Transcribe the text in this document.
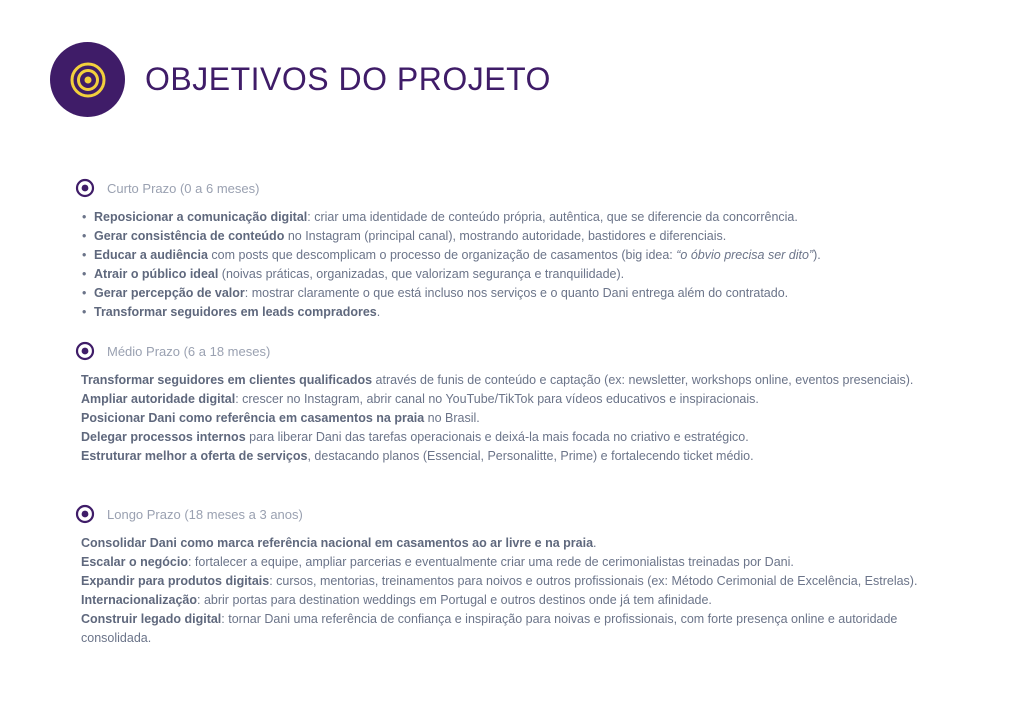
OBJETIVOS DO PROJETO
Curto Prazo (0 a 6 meses)
• Reposicionar a comunicação digital: criar uma identidade de conteúdo própria, autêntica, que se diferencie da concorrência.
• Gerar consistência de conteúdo no Instagram (principal canal), mostrando autoridade, bastidores e diferenciais.
• Educar a audiência com posts que descomplicam o processo de organização de casamentos (big idea: “o óbvio precisa ser dito”).
• Atrair o público ideal (noivas práticas, organizadas, que valorizam segurança e tranquilidade).
• Gerar percepção de valor: mostrar claramente o que está incluso nos serviços e o quanto Dani entrega além do contratado.
• Transformar seguidores em leads compradores.
Médio Prazo (6 a 18 meses)

Transformar seguidores em clientes qualificados através de funis de conteúdo e captação (ex: newsletter, workshops online, eventos presenciais).

Ampliar autoridade digital: crescer no Instagram, abrir canal no YouTube/TikTok para vídeos educativos e inspiracionais.

Posicionar Dani como referência em casamentos na praia no Brasil.

Delegar processos internos para liberar Dani das tarefas operacionais e deixá-la mais focada no criativo e estratégico.

Estruturar melhor a oferta de serviços, destacando planos (Essencial, Personalitte, Prime) e fortalecendo ticket médio.

Longo Prazo (18 meses a 3 anos)

Consolidar Dani como marca referência nacional em casamentos ao ar livre e na praia.

Escalar o negócio: fortalecer a equipe, ampliar parcerias e eventualmente criar uma rede de cerimonialistas treinadas por Dani.

Expandir para produtos digitais: cursos, mentorias, treinamentos para noivos e outros profissionais (ex: Método Cerimonial de Excelência, Estrelas).

Internacionalização: abrir portas para destination weddings em Portugal e outros destinos onde já tem afinidade.

Construir legado digital: tornar Dani uma referência de confiança e inspiração para noivas e profissionais, com forte presença online e autoridade consolidada.
